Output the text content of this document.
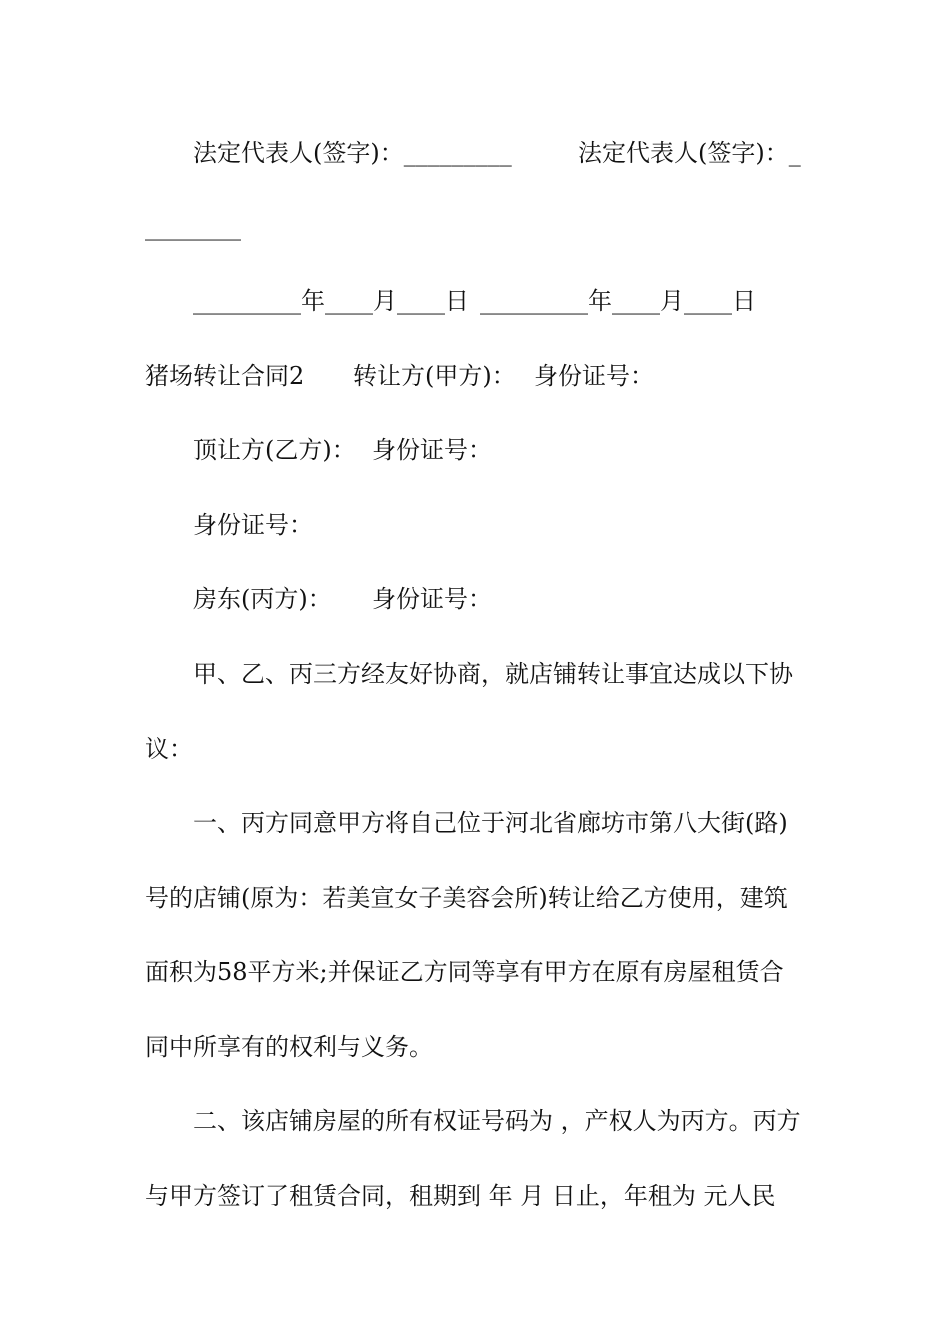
法定代表人(签字)：_________	法定代表人(签字)：_
________
_________年____月____日 _________年____月____日
猪场转让合同2 转让方(甲方)： 身份证号：
顶让方(乙方)： 身份证号：
身份证号：
房东(丙方)： 身份证号：
甲、乙、丙三方经友好协商，就店铺转让事宜达成以下协
议：
一、丙方同意甲方将自己位于河北省廊坊市第八大街(路)
号的店铺(原为：若美宣女子美容会所)转让给乙方使用，建筑
面积为58平方米;并保证乙方同等享有甲方在原有房屋租赁合
同中所享有的权利与义务。
二、该店铺房屋的所有权证号码为 ，产权人为丙方。丙方
与甲方签订了租赁合同，租期到 年 月 日止，年租为 元人民
